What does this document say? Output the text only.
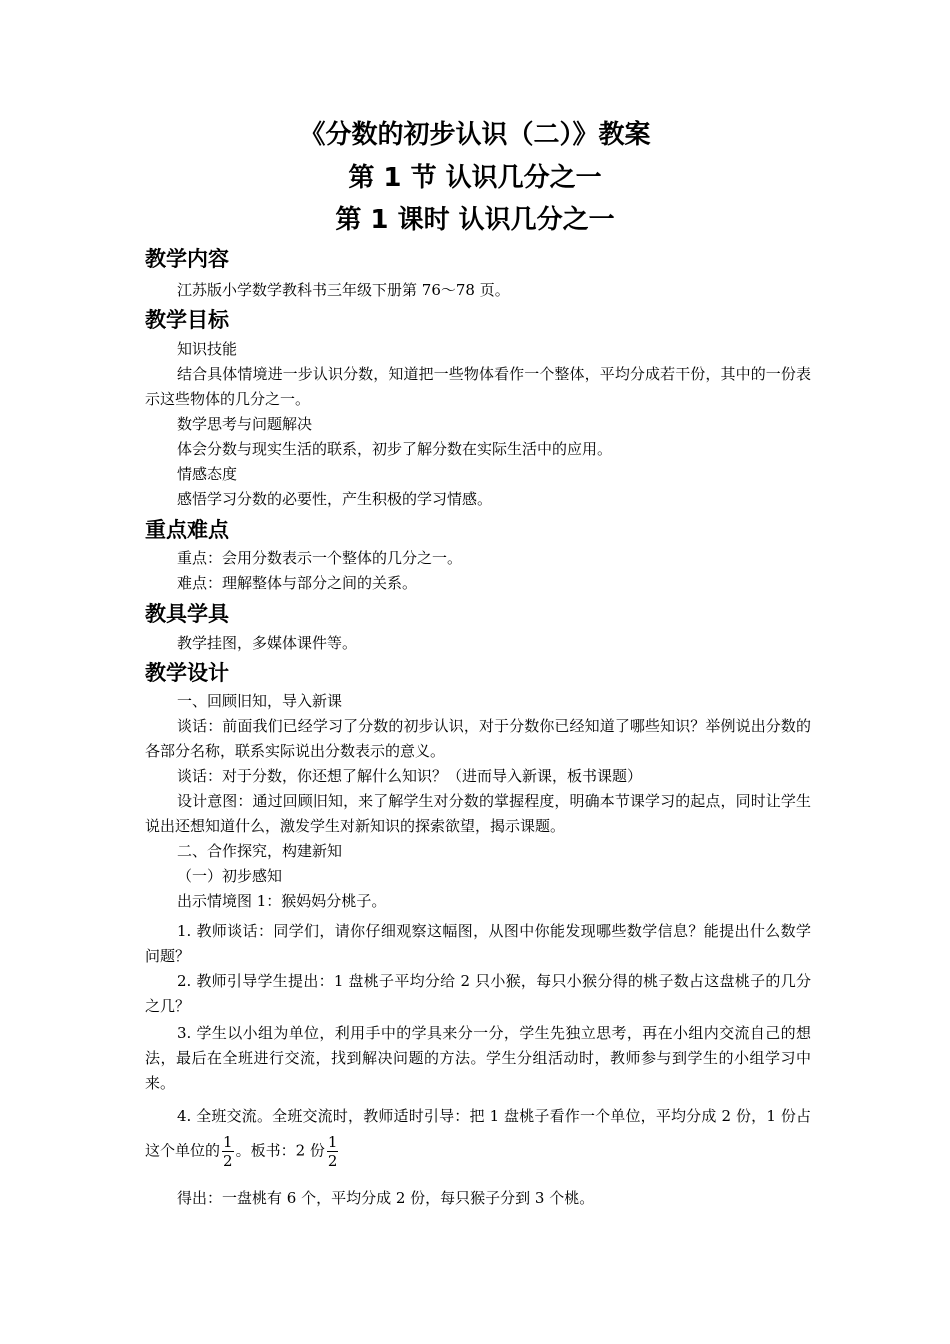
《分数的初步认识（二）》教案
第 1 节 认识几分之一
第 1 课时 认识几分之一
教学内容
江苏版小学数学教科书三年级下册第 76～78 页。
教学目标
知识技能
结合具体情境进一步认识分数，知道把一些物体看作一个整体，平均分成若干份，其中的一份表示这些物体的几分之一。
数学思考与问题解决
体会分数与现实生活的联系，初步了解分数在实际生活中的应用。
情感态度
感悟学习分数的必要性，产生积极的学习情感。
重点难点
重点：会用分数表示一个整体的几分之一。
难点：理解整体与部分之间的关系。
教具学具
教学挂图，多媒体课件等。
教学设计
一、回顾旧知，导入新课
谈话：前面我们已经学习了分数的初步认识，对于分数你已经知道了哪些知识？举例说出分数的各部分名称，联系实际说出分数表示的意义。
谈话：对于分数，你还想了解什么知识？（进而导入新课，板书课题）
设计意图：通过回顾旧知，来了解学生对分数的掌握程度，明确本节课学习的起点，同时让学生说出还想知道什么，激发学生对新知识的探索欲望，揭示课题。
二、合作探究，构建新知
（一）初步感知
出示情境图 1：猴妈妈分桃子。
1. 教师谈话：同学们，请你仔细观察这幅图，从图中你能发现哪些数学信息？能提出什么数学问题？
2. 教师引导学生提出：1 盘桃子平均分给 2 只小猴，每只小猴分得的桃子数占这盘桃子的几分之几？
3. 学生以小组为单位，利用手中的学具来分一分，学生先独立思考，再在小组内交流自己的想法，最后在全班进行交流，找到解决问题的方法。学生分组活动时，教师参与到学生的小组学习中来。
4. 全班交流。全班交流时，教师适时引导：把 1 盘桃子看作一个单位，平均分成 2 份，1 份占这个单位的 $\frac{1}{2}$ 。板书：2 份 $\frac{1}{2}$
得出：一盘桃有 6 个，平均分成 2 份，每只猴子分到 3 个桃。
